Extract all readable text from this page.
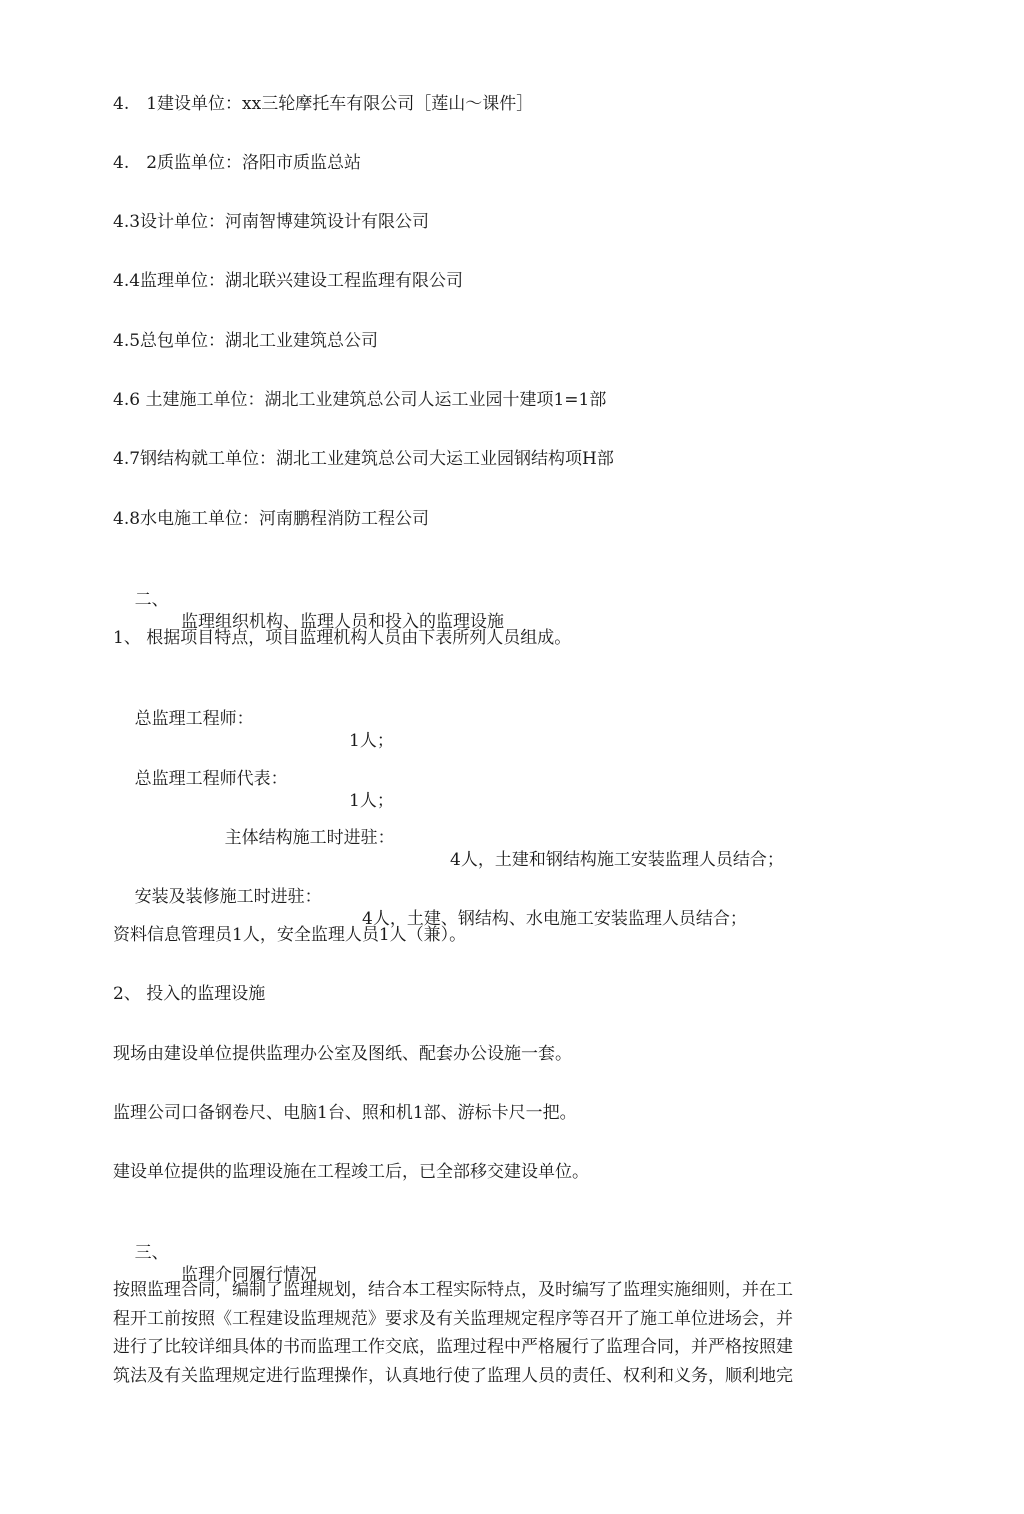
4.　1建设单位：xx三轮摩托车有限公司［莲山～课件］
4.　2质监单位：洛阳市质监总站
4.3设计单位：河南智博建筑设计有限公司
4.4监理单位：湖北联兴建设工程监理有限公司
4.5总包单位：湖北工业建筑总公司
4.6 土建施工单位：湖北工业建筑总公司人运工业园十建项1=1部
4.7钢结构就工单位：湖北工业建筑总公司大运工业园钢结构项H部
4.8水电施工单位：河南鹏程消防工程公司

二、

监理组织机构、监理人员和投入的监理设施

1、 根据项目特点，项目监理机构人员由下表所列人员组成。

总监理工程师：

1人；

总监理工程师代表：

1人；

主体结构施工时进驻：

4人，土建和钢结构施工安装监理人员结合；

安装及装修施工时进驻：

4人，土建、钢结构、水电施工安装监理人员结合；

资料信息管理员1人，安全监理人员1人（兼）。
2、 投入的监理设施
现场由建设单位提供监理办公室及图纸、配套办公设施一套。
监理公司口备钢卷尺、电脑1台、照和机1部、游标卡尺一把。
建设单位提供的监理设施在工程竣工后，已全部移交建设单位。

三、

监理介同履行情况

按照监理合同，编制了监理规划，结合本工程实际特点，及时编写了监理实施细则，并在工
程开工前按照《工程建设监理规范》要求及有关监理规定程序等召开了施工单位进场会，并
进行了比较详细具体的书而监理工作交底，监理过程中严格履行了监理合同，并严格按照建
筑法及有关监理规定进行监理操作，认真地行使了监理人员的责任、权利和义务，顺利地完
